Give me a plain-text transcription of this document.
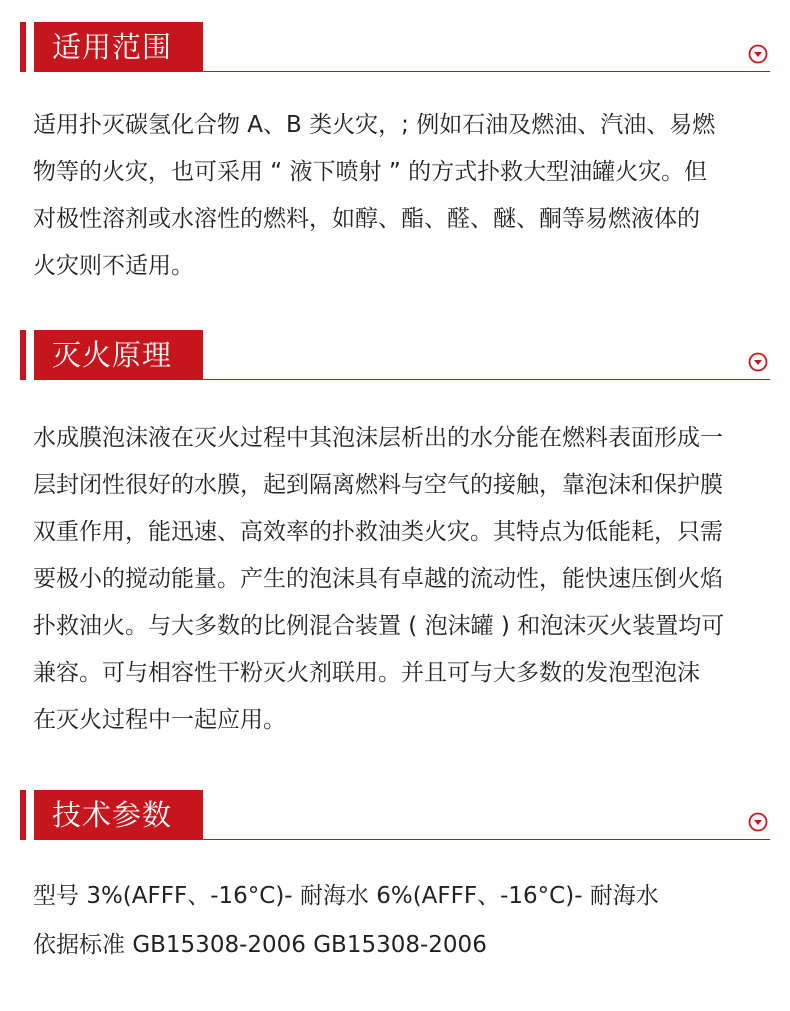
适用范围
适用扑灭碳氢化合物 A、B 类火灾，; 例如石油及燃油、汽油、易燃
物等的火灾，也可采用 “ 液下喷射 ” 的方式扑救大型油罐火灾。但
对极性溶剂或水溶性的燃料，如醇、酯、醛、醚、酮等易燃液体的
火灾则不适用。
灭火原理
水成膜泡沫液在灭火过程中其泡沫层析出的水分能在燃料表面形成一
层封闭性很好的水膜，起到隔离燃料与空气的接触，靠泡沫和保护膜
双重作用，能迅速、高效率的扑救油类火灾。其特点为低能耗，只需
要极小的搅动能量。产生的泡沫具有卓越的流动性，能快速压倒火焰
扑救油火。与大多数的比例混合装置 ( 泡沫罐 ) 和泡沫灭火装置均可
兼容。可与相容性干粉灭火剂联用。并且可与大多数的发泡型泡沫
在灭火过程中一起应用。
技术参数
型号 3%(AFFF、-16°C)- 耐海水 6%(AFFF、-16°C)- 耐海水
依据标准 GB15308-2006 GB15308-2006
